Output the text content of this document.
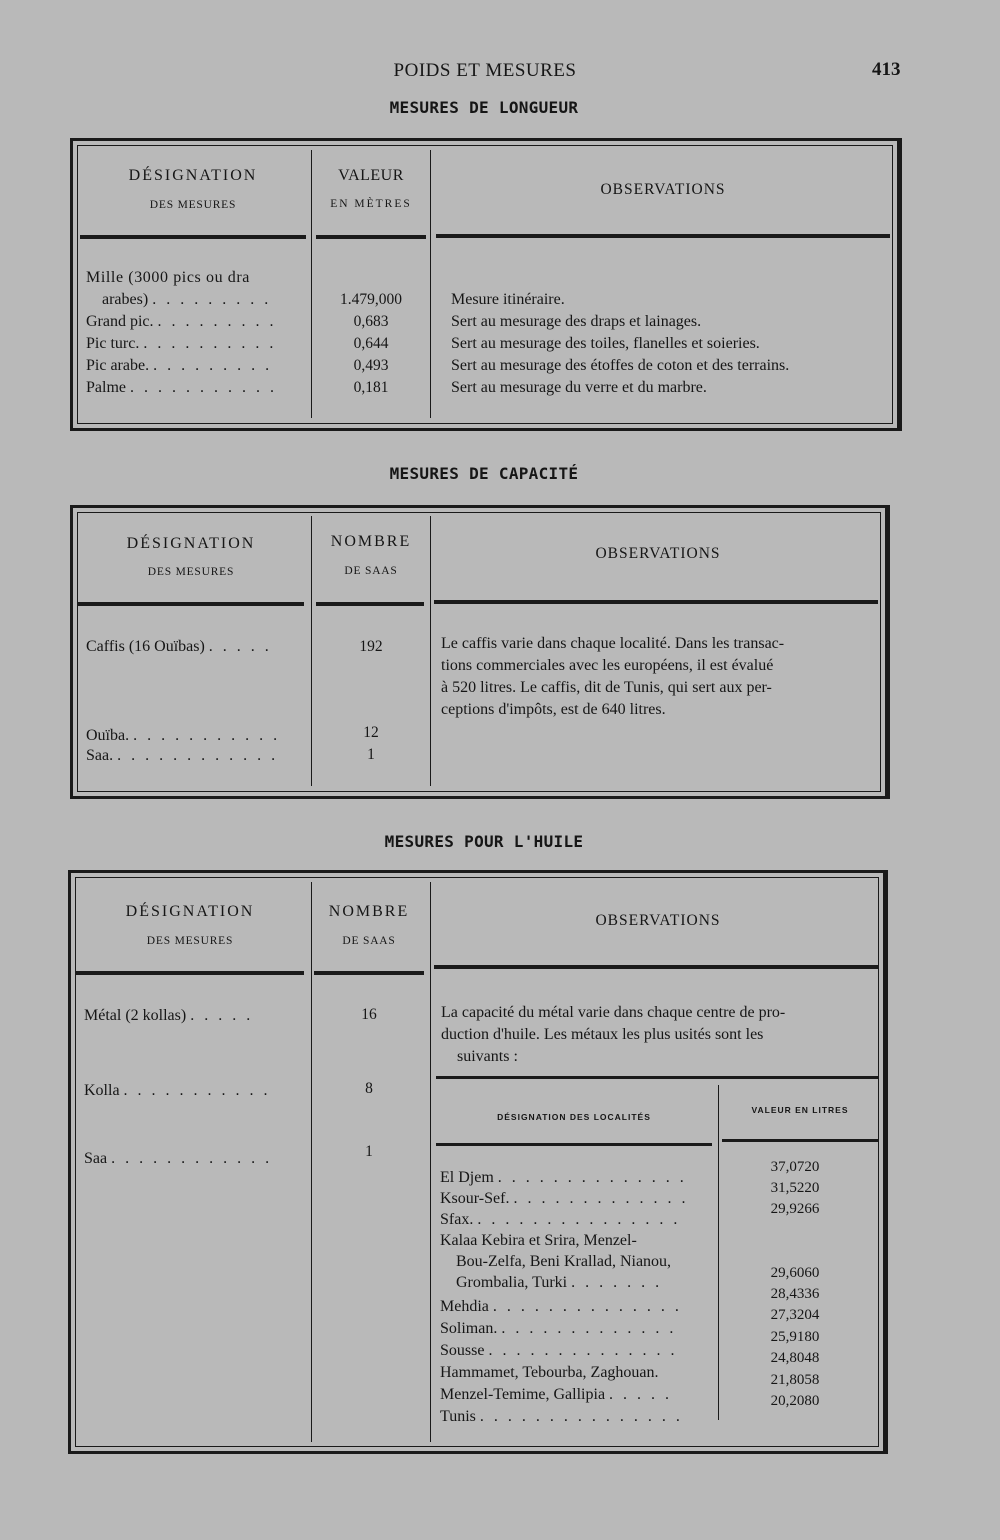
POIDS ET MESURES	413
MESURES DE LONGUEUR
DÉSIGNATION
DES MESURES
VALEUR
EN MÈTRES
OBSERVATIONS
Mille (3000 pics ou dra
arabes) . . . . . . . . .
Grand pic. . . . . . . . . .
Pic turc. . . . . . . . . . .
Pic arabe. . . . . . . . . .
Palme . . . . . . . . . . .
1.479,000
0,683
0,644
0,493
0,181
Mesure itinéraire.
Sert au mesurage des draps et lainages.
Sert au mesurage des toiles, flanelles et soieries.
Sert au mesurage des étoffes de coton et des terrains.
Sert au mesurage du verre et du marbre.
MESURES DE CAPACITÉ
DÉSIGNATION
DES MESURES
NOMBRE
DE SAAS
OBSERVATIONS
Caffis (16 Ouïbas) . . . . .
Ouïba. . . . . . . . . . . .
Saa. . . . . . . . . . . . .
192
12
1
Le caffis varie dans chaque localité. Dans les transac-
tions commerciales avec les européens, il est évalué
à 520 litres. Le caffis, dit de Tunis, qui sert aux per-
ceptions d'impôts, est de 640 litres.
MESURES POUR L'HUILE
DÉSIGNATION
DES MESURES
NOMBRE
DE SAAS
OBSERVATIONS
Métal (2 kollas) . . . . .
Kolla . . . . . . . . . . .
Saa . . . . . . . . . . . .
16
8
1
La capacité du métal varie dans chaque centre de pro-
duction d'huile. Les métaux les plus usités sont les
suivants :
DÉSIGNATION DES LOCALITÉS
VALEUR EN LITRES
El Djem . . . . . . . . . . . . . .
Ksour-Sef. . . . . . . . . . . . . .
Sfax. . . . . . . . . . . . . . . .
Kalaa Kebira et Srira, Menzel-
Bou-Zelfa, Beni Krallad, Nianou,
Grombalia, Turki . . . . . . .
Mehdia . . . . . . . . . . . . . .
Soliman. . . . . . . . . . . . . .
Sousse . . . . . . . . . . . . . .
Hammamet, Tebourba, Zaghouan.
Menzel-Temime, Gallipia . . . . .
Tunis . . . . . . . . . . . . . . .
37,0720
31,5220
29,9266
29,6060
28,4336
27,3204
25,9180
24,8048
21,8058
20,2080
